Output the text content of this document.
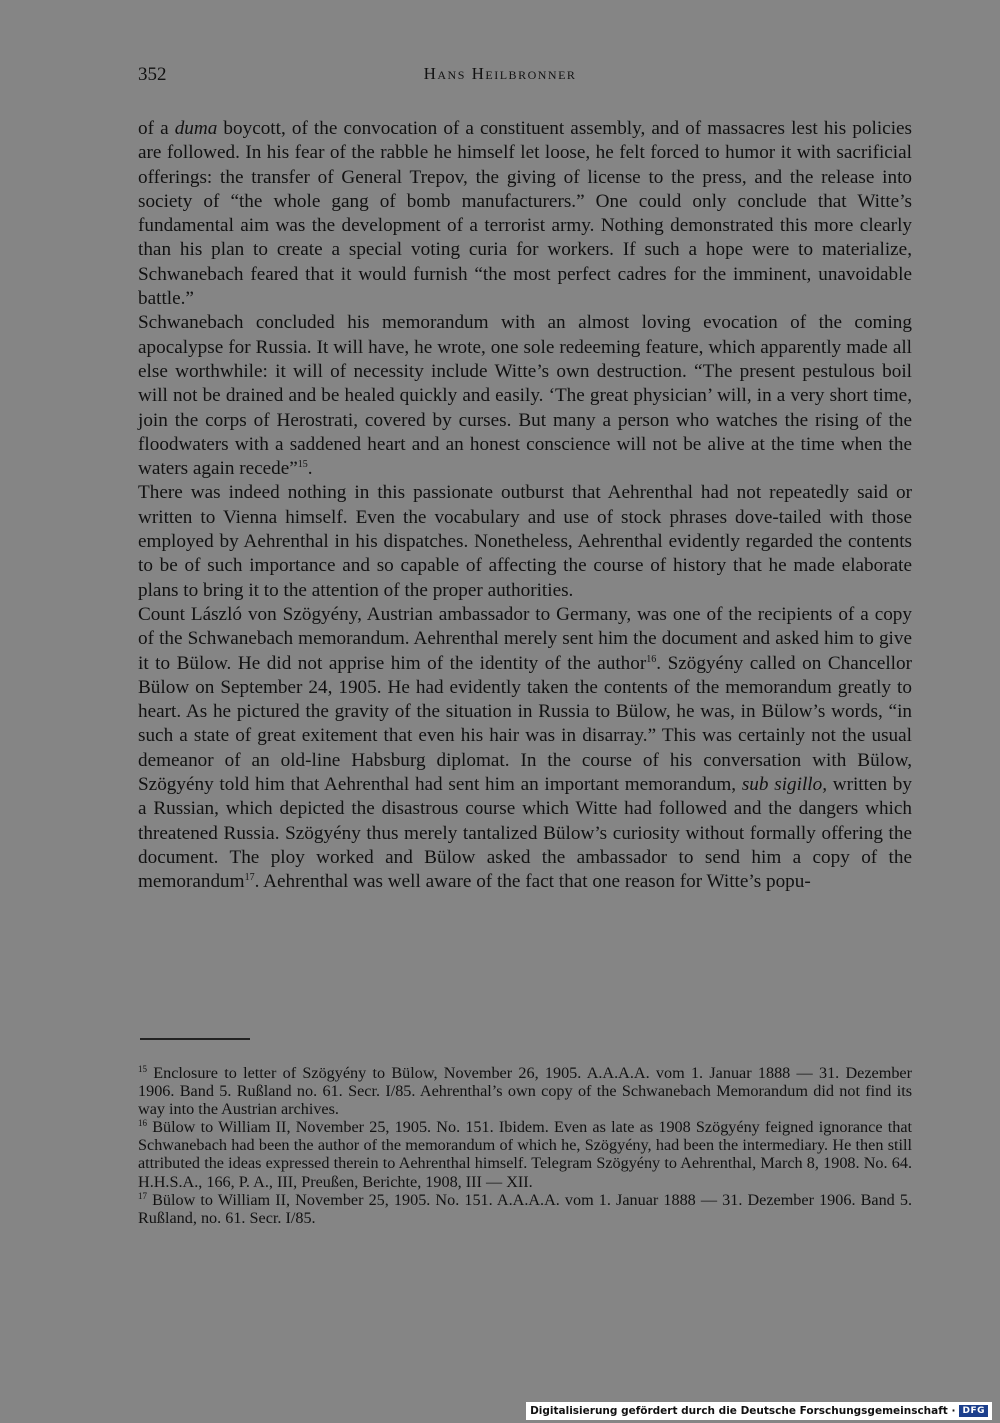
352	Hans Heilbronner

of a duma boycott, of the convocation of a constituent assembly, and of massacres lest his policies are followed. In his fear of the rabble he himself let loose, he felt forced to humor it with sacrificial offerings: the transfer of General Trepov, the giving of license to the press, and the release into society of “the whole gang of bomb manufacturers.” One could only conclude that Witte’s fundamental aim was the development of a terrorist army. Nothing demonstrated this more clearly than his plan to create a special voting curia for workers. If such a hope were to materialize, Schwanebach feared that it would furnish “the most perfect cadres for the imminent, unavoidable battle.”

Schwanebach concluded his memorandum with an almost loving evocation of the coming apocalypse for Russia. It will have, he wrote, one sole redeeming feature, which apparently made all else worthwhile: it will of necessity include Witte’s own destruction. “The present pestulous boil will not be drained and be healed quickly and easily. ‘The great physician’ will, in a very short time, join the corps of Herostrati, covered by curses. But many a person who watches the rising of the floodwaters with a saddened heart and an honest conscience will not be alive at the time when the waters again recede”$^{15}$.

There was indeed nothing in this passionate outburst that Aehrenthal had not repeatedly said or written to Vienna himself. Even the vocabulary and use of stock phrases dove-tailed with those employed by Aehrenthal in his dispatches. Nonetheless, Aehrenthal evidently regarded the contents to be of such importance and so capable of affecting the course of history that he made elaborate plans to bring it to the attention of the proper authorities.

Count László von Szögyény, Austrian ambassador to Germany, was one of the recipients of a copy of the Schwanebach memorandum. Aehrenthal merely sent him the document and asked him to give it to Bülow. He did not apprise him of the identity of the author$^{16}$. Szögyény called on Chancellor Bülow on September 24, 1905. He had evidently taken the contents of the memorandum greatly to heart. As he pictured the gravity of the situation in Russia to Bülow, he was, in Bülow’s words, “in such a state of great exitement that even his hair was in disarray.” This was certainly not the usual demeanor of an old-line Habsburg diplomat. In the course of his conversation with Bülow, Szögyény told him that Aehrenthal had sent him an important memorandum, sub sigillo, written by a Russian, which depicted the disastrous course which Witte had followed and the dangers which threatened Russia. Szögyény thus merely tantalized Bülow’s curiosity without formally offering the document. The ploy worked and Bülow asked the ambassador to send him a copy of the memorandum$^{17}$. Aehrenthal was well aware of the fact that one reason for Witte’s popu-

$^{15}$ Enclosure to letter of Szögyény to Bülow, November 26, 1905. A.A.A.A. vom 1. Januar 1888 — 31. Dezember 1906. Band 5. Rußland no. 61. Secr. I/85. Aehrenthal’s own copy of the Schwanebach Memorandum did not find its way into the Austrian archives.

$^{16}$ Bülow to William II, November 25, 1905. No. 151. Ibidem. Even as late as 1908 Szögyény feigned ignorance that Schwanebach had been the author of the memorandum of which he, Szögyény, had been the intermediary. He then still attributed the ideas expressed therein to Aehrenthal himself. Telegram Szögyény to Aehrenthal, March 8, 1908. No. 64. H.H.S.A., 166, P. A., III, Preußen, Berichte, 1908, III — XII.

$^{17}$ Bülow to William II, November 25, 1905. No. 151. A.A.A.A. vom 1. Januar 1888 — 31. Dezember 1906. Band 5. Rußland, no. 61. Secr. I/85.

Digitalisierung gefördert durch die Deutsche Forschungsgemeinschaft · DFG
